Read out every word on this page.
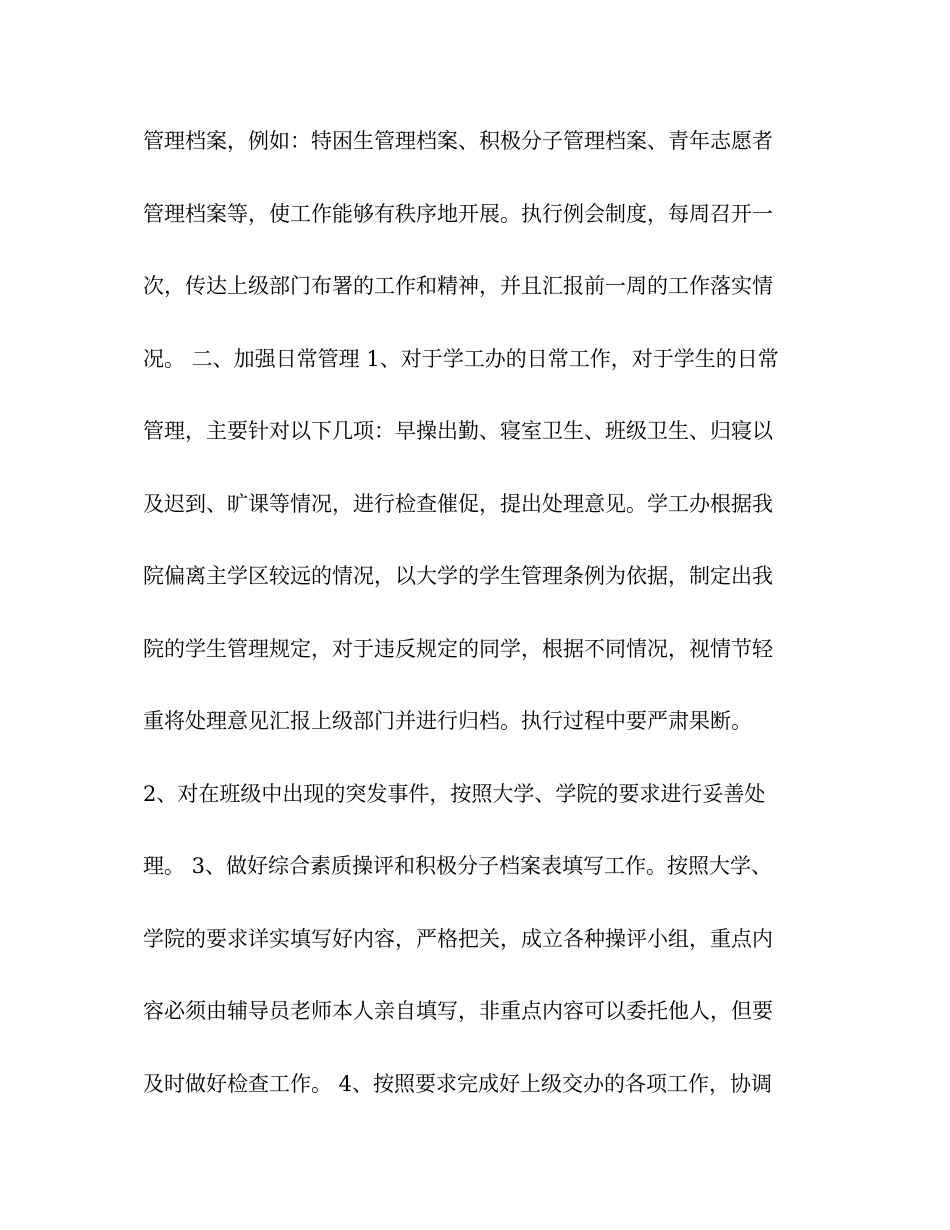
管理档案，例如：特困生管理档案、积极分子管理档案、青年志愿者
管理档案等，使工作能够有秩序地开展。执行例会制度，每周召开一
次，传达上级部门布署的工作和精神，并且汇报前一周的工作落实情
况。 二、加强日常管理 1、对于学工办的日常工作，对于学生的日常
管理，主要针对以下几项：早操出勤、寝室卫生、班级卫生、归寝以
及迟到、旷课等情况，进行检查催促，提出处理意见。学工办根据我
院偏离主学区较远的情况，以大学的学生管理条例为依据，制定出我
院的学生管理规定，对于违反规定的同学，根据不同情况，视情节轻
重将处理意见汇报上级部门并进行归档。执行过程中要严肃果断。
2、对在班级中出现的突发事件，按照大学、学院的要求进行妥善处
理。 3、做好综合素质操评和积极分子档案表填写工作。按照大学、
学院的要求详实填写好内容，严格把关，成立各种操评小组，重点内
容必须由辅导员老师本人亲自填写，非重点内容可以委托他人，但要
及时做好检查工作。 4、按照要求完成好上级交办的各项工作，协调
